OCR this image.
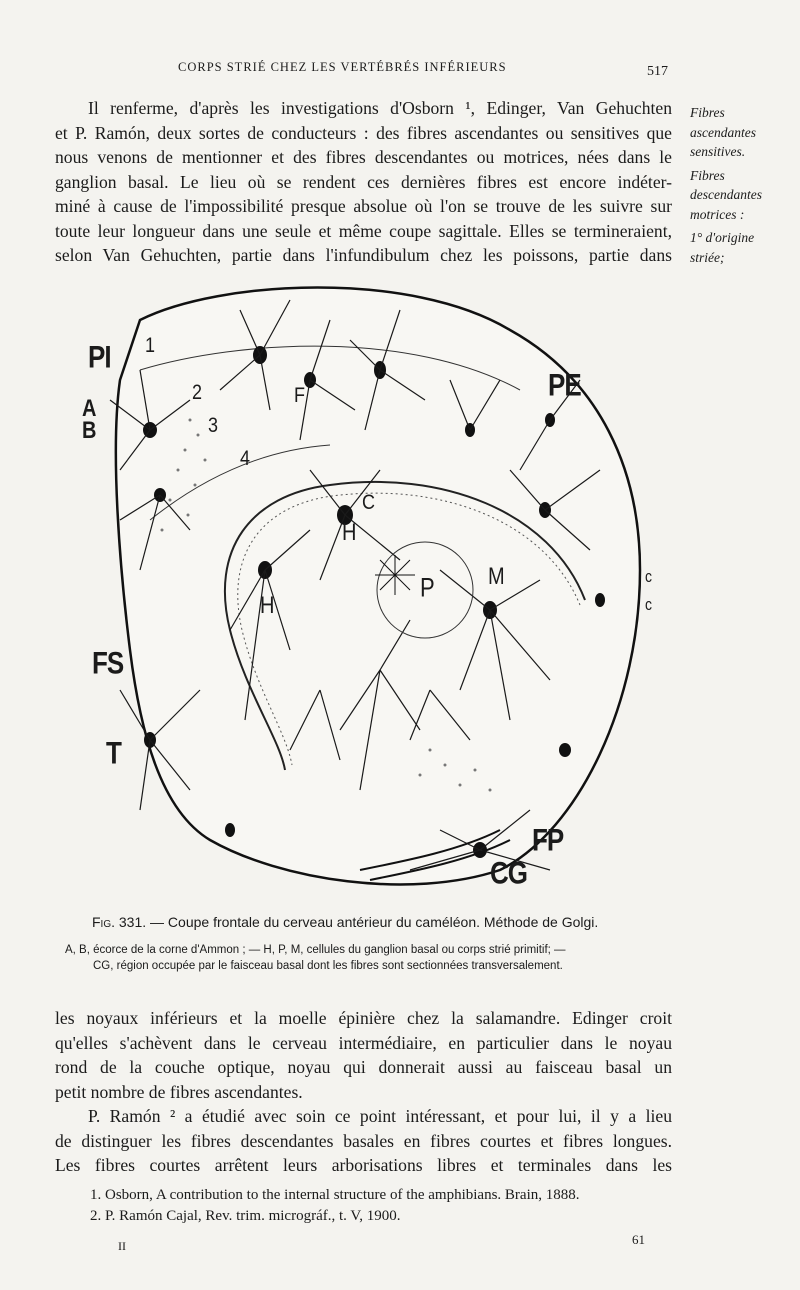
CORPS STRIÉ CHEZ LES VERTÉBRÉS INFÉRIEURS	517
Il renferme, d'après les investigations d'Osborn ¹, Edinger, Van Gehuchten
et P. Ramón, deux sortes de conducteurs : des fibres ascendantes ou sensitives que
nous venons de mentionner et des fibres descendantes ou motrices, nées dans le
ganglion basal. Le lieu où se rendent ces dernières fibres est encore indéter-
miné à cause de l'impossibilité presque absolue où l'on se trouve de les suivre sur
toute leur longueur dans une seule et même coupe sagittale. Elles se termineraient,
selon Van Gehuchten, partie dans l'infundibulum chez les poissons, partie dans
Fibres ascendantes sensitives.
Fibres descendantes motrices :
1° d'origine striée;
PI
A
B
PE
FS
T
FP
CG
H
H
P	M
C
F
1
2
3
4
c
c
Fig. 331. — Coupe frontale du cerveau antérieur du caméléon. Méthode de Golgi.
A, B, écorce de la corne d'Ammon ; — H, P, M, cellules du ganglion basal ou corps strié primitif; —
CG, région occupée par le faisceau basal dont les fibres sont sectionnées transversalement.
les noyaux inférieurs et la moelle épinière chez la salamandre. Edinger croit
qu'elles s'achèvent dans le cerveau intermédiaire, en particulier dans le noyau
rond de la couche optique, noyau qui donnerait aussi au faisceau basal un
petit nombre de fibres ascendantes.
P. Ramón ² a étudié avec soin ce point intéressant, et pour lui, il y a lieu
de distinguer les fibres descendantes basales en fibres courtes et fibres longues.
Les fibres courtes arrêtent leurs arborisations libres et terminales dans les
1. Osborn, A contribution to the internal structure of the amphibians. Brain, 1888.
2. P. Ramón Cajal, Rev. trim. micrográf., t. V, 1900.
II	61
